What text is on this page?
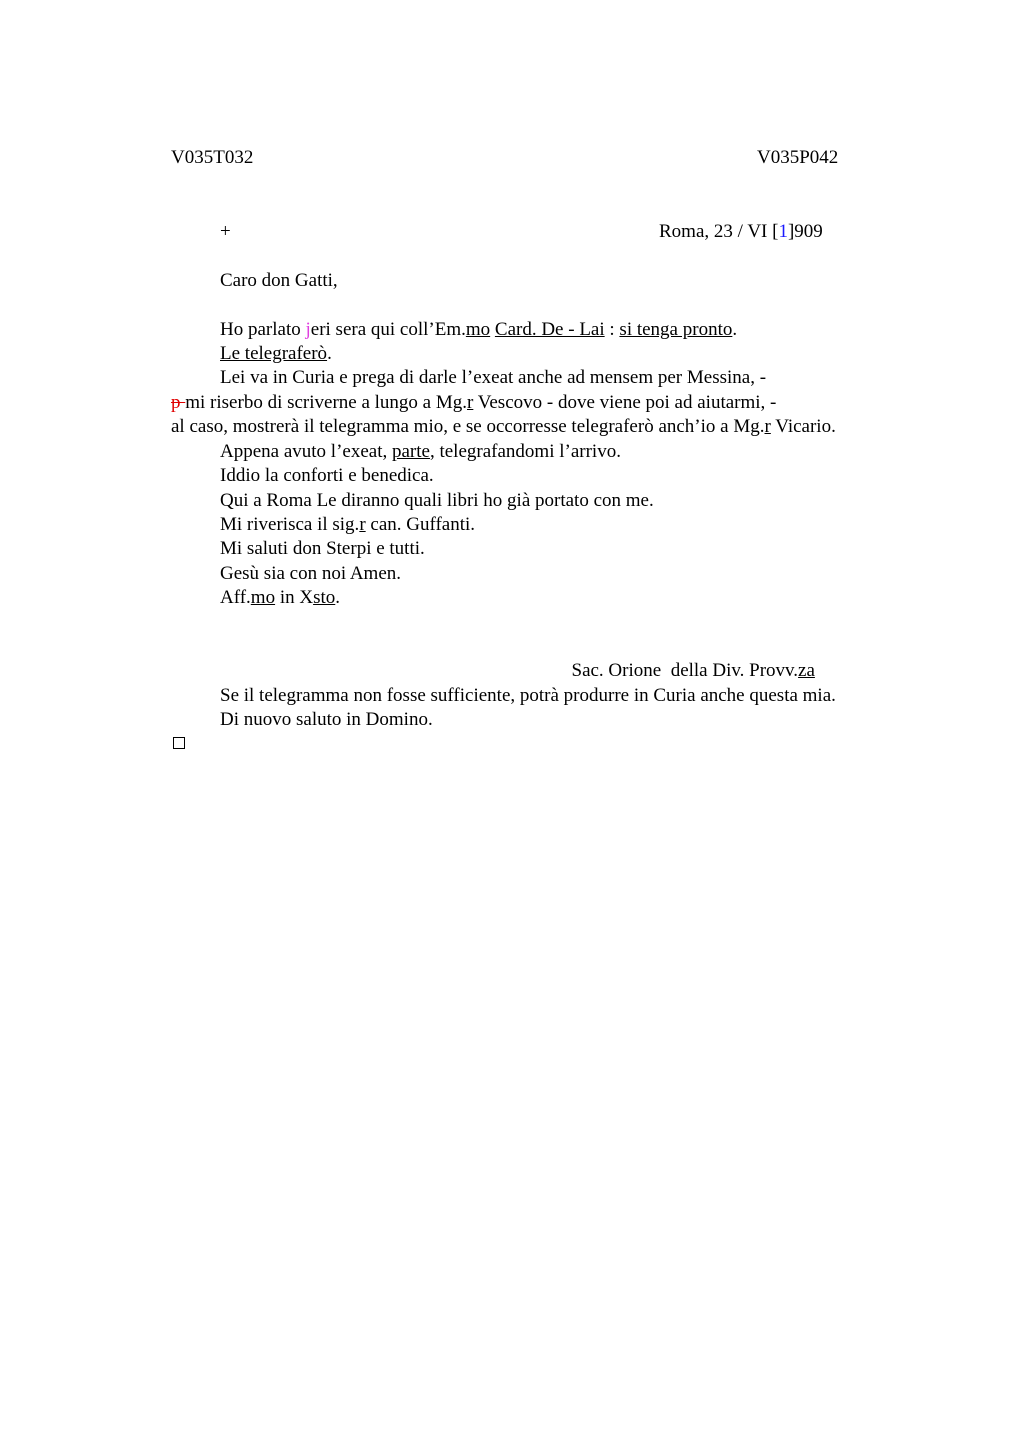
V035T032	V035P042
+	Roma, 23 / VI [1]909
Caro don Gatti,
Ho parlato jeri sera qui coll’Em.mo Card. De - Lai : si tenga pronto.
Le telegraferò.
Lei va in Curia e prega di darle l’exeat anche ad mensem per Messina, -
p mi riserbo di scriverne a lungo a Mg.r Vescovo - dove viene poi ad aiutarmi, -
al caso, mostrerà il telegramma mio, e se occorresse telegraferò anch’io a Mg.r Vicario.
Appena avuto l’exeat, parte, telegrafandomi l’arrivo.
Iddio la conforti e benedica.
Qui a Roma Le diranno quali libri ho già portato con me.
Mi riverisca il sig.r can. Guffanti.
Mi saluti don Sterpi e tutti.
Gesù sia con noi Amen.
Aff.mo in Xsto.

Sac. Orione  della Div. Provv.za

Se il telegramma non fosse sufficiente, potrà produrre in Curia anche questa mia.
Di nuovo saluto in Domino.
